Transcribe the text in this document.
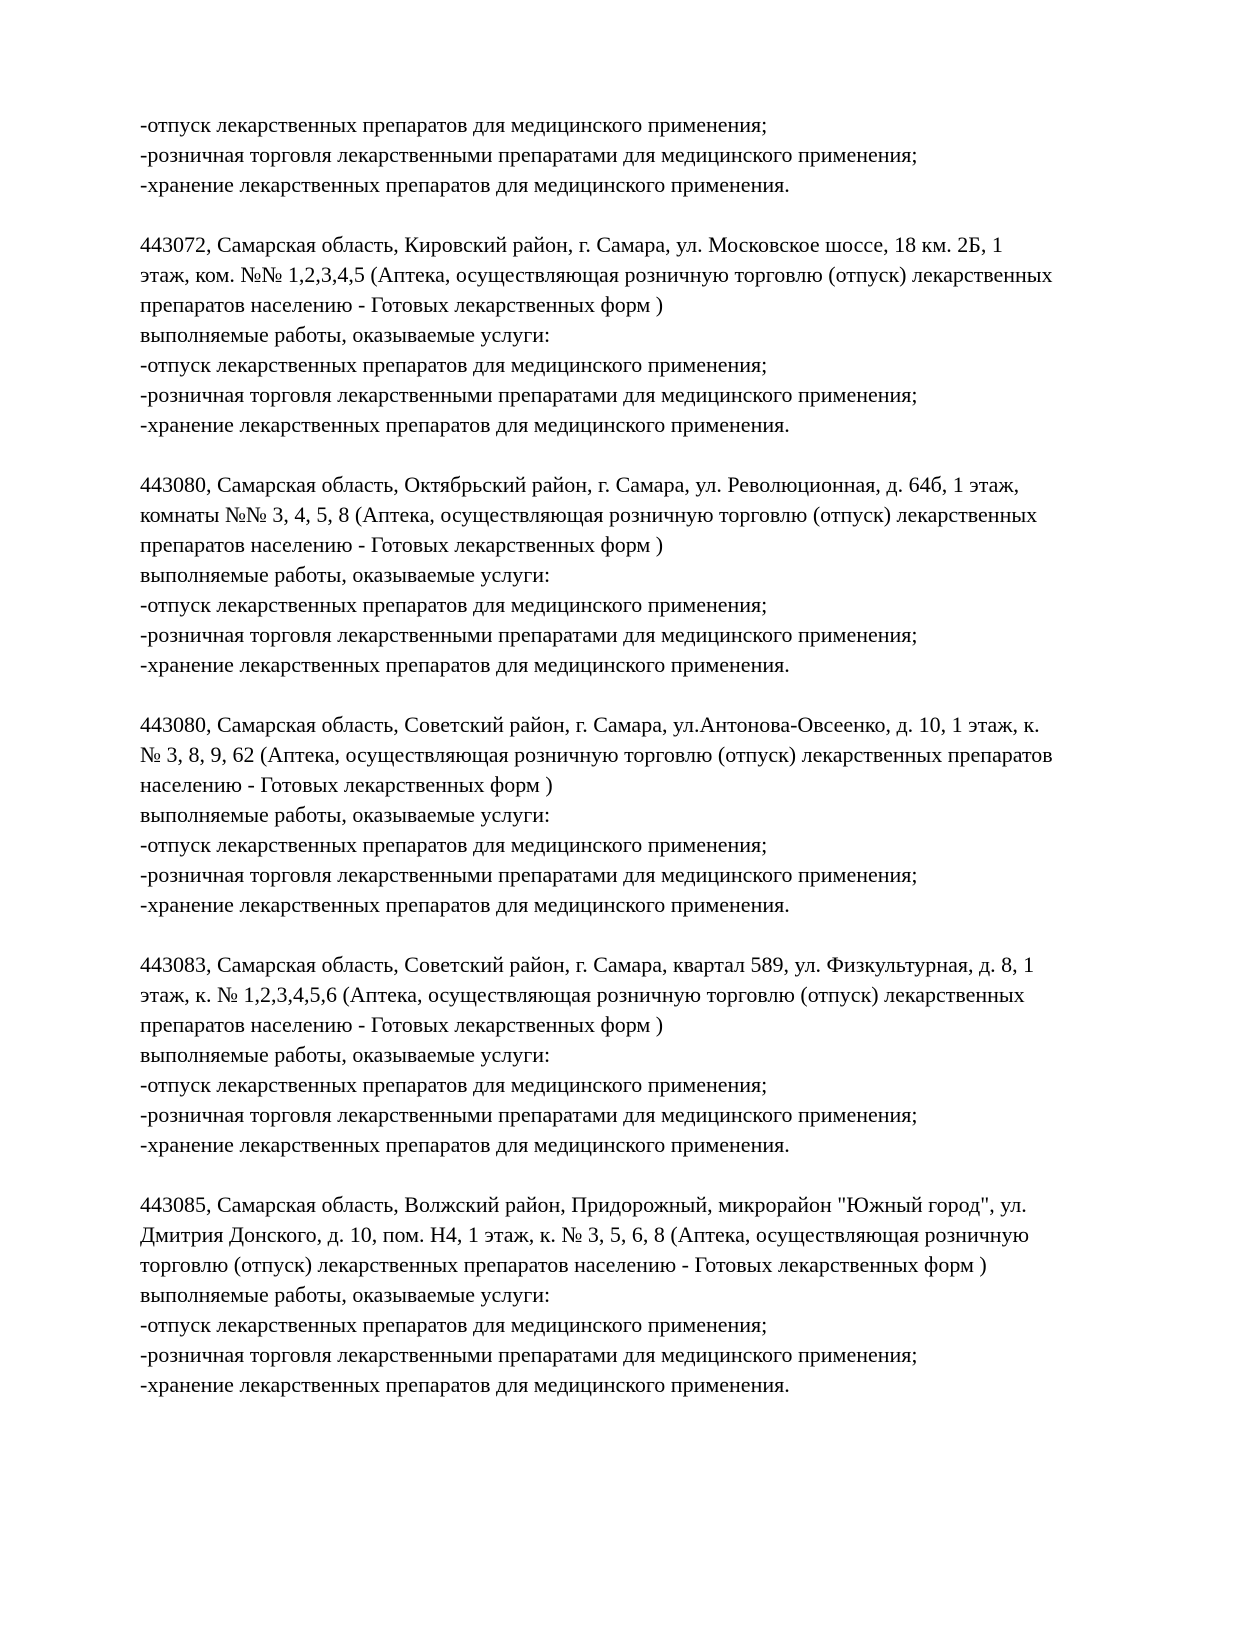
-отпуск лекарственных препаратов для медицинского применения;
-розничная торговля лекарственными препаратами для медицинского применения;
-хранение лекарственных препаратов для медицинского применения.
443072, Самарская область, Кировский район, г. Самара, ул. Московское шоссе, 18 км. 2Б, 1
этаж, ком. №№ 1,2,3,4,5 (Аптека, осуществляющая розничную торговлю (отпуск) лекарственных
препаратов населению - Готовых лекарственных форм )
выполняемые работы, оказываемые услуги:
-отпуск лекарственных препаратов для медицинского применения;
-розничная торговля лекарственными препаратами для медицинского применения;
-хранение лекарственных препаратов для медицинского применения.
443080, Самарская область, Октябрьский район, г. Самара, ул. Революционная, д. 64б, 1 этаж,
комнаты №№ 3, 4, 5, 8 (Аптека, осуществляющая розничную торговлю (отпуск) лекарственных
препаратов населению - Готовых лекарственных форм )
выполняемые работы, оказываемые услуги:
-отпуск лекарственных препаратов для медицинского применения;
-розничная торговля лекарственными препаратами для медицинского применения;
-хранение лекарственных препаратов для медицинского применения.
443080, Самарская область, Советский район, г. Самара, ул.Антонова-Овсеенко, д. 10, 1 этаж, к.
№ 3, 8, 9, 62 (Аптека, осуществляющая розничную торговлю (отпуск) лекарственных препаратов
населению - Готовых лекарственных форм )
выполняемые работы, оказываемые услуги:
-отпуск лекарственных препаратов для медицинского применения;
-розничная торговля лекарственными препаратами для медицинского применения;
-хранение лекарственных препаратов для медицинского применения.
443083, Самарская область, Советский район, г. Самара, квартал 589, ул. Физкультурная, д. 8, 1
этаж, к. № 1,2,3,4,5,6 (Аптека, осуществляющая розничную торговлю (отпуск) лекарственных
препаратов населению - Готовых лекарственных форм )
выполняемые работы, оказываемые услуги:
-отпуск лекарственных препаратов для медицинского применения;
-розничная торговля лекарственными препаратами для медицинского применения;
-хранение лекарственных препаратов для медицинского применения.
443085, Самарская область, Волжский район, Придорожный, микрорайон "Южный город", ул.
Дмитрия Донского, д. 10, пом. Н4, 1 этаж, к. № 3, 5, 6, 8 (Аптека, осуществляющая розничную
торговлю (отпуск) лекарственных препаратов населению - Готовых лекарственных форм )
выполняемые работы, оказываемые услуги:
-отпуск лекарственных препаратов для медицинского применения;
-розничная торговля лекарственными препаратами для медицинского применения;
-хранение лекарственных препаратов для медицинского применения.
